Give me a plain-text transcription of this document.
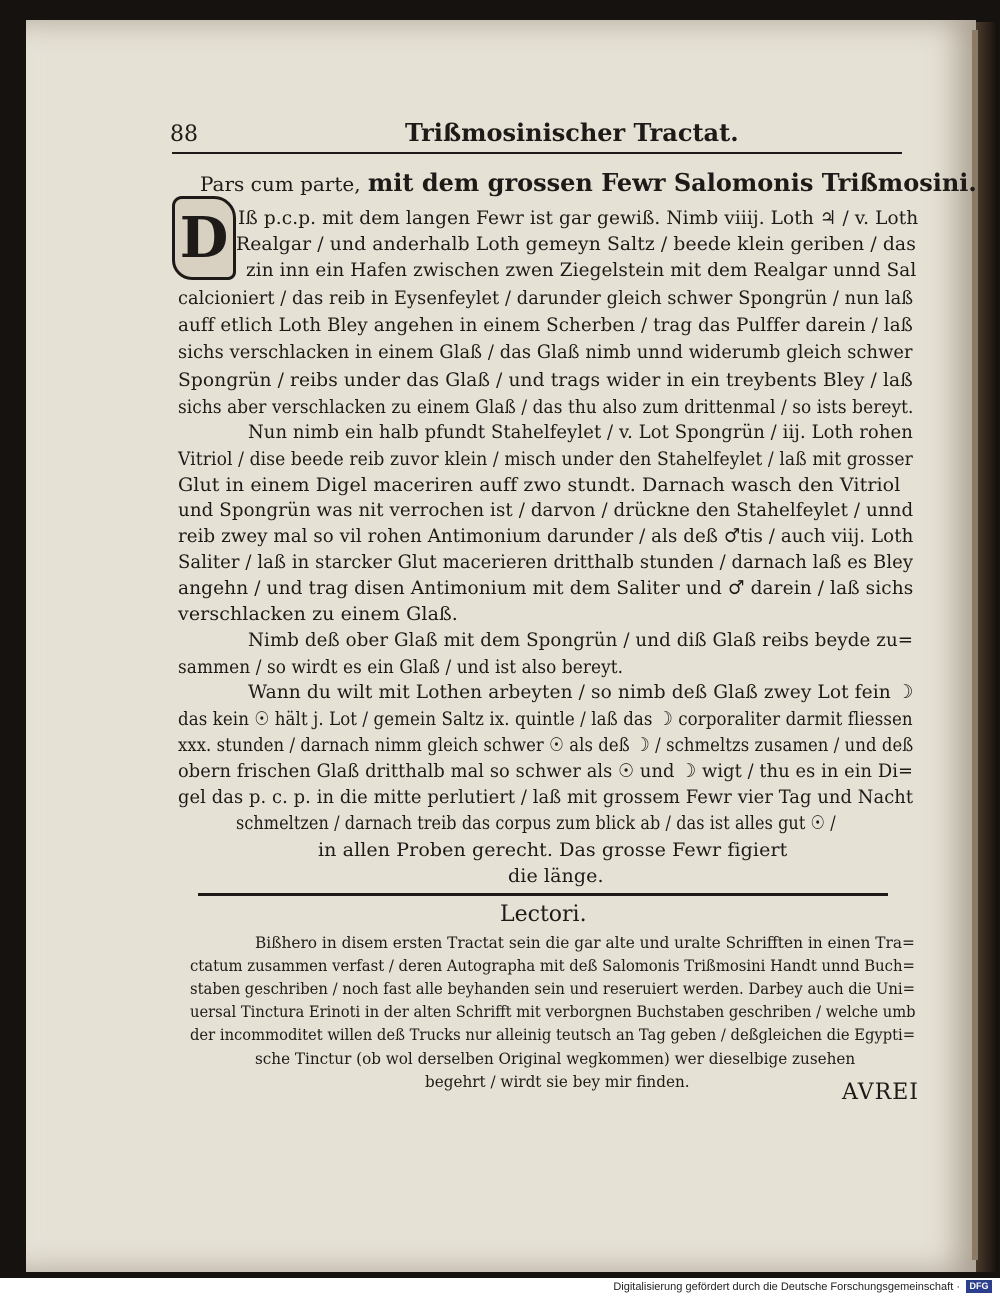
88	Trißmosinischer Tractat.
Pars cum parte, mit dem grossen Fewr Salomonis Trißmosini.
D Iß p.c.p. mit dem langen Fewr ist gar gewiß. Nimb viiij. Loth ♃ / v. Loth
Realgar / und anderhalb Loth gemeyn Saltz / beede klein geriben / das
zin inn ein Hafen zwischen zwen Ziegelstein mit dem Realgar unnd Sal
calcioniert / das reib in Eysenfeylet / darunder gleich schwer Spongrün / nun laß
auff etlich Loth Bley angehen in einem Scherben / trag das Pulffer darein / laß
sichs verschlacken in einem Glaß / das Glaß nimb unnd widerumb gleich schwer
Spongrün / reibs under das Glaß / und trags wider in ein treybents Bley / laß
sichs aber verschlacken zu einem Glaß / das thu also zum drittenmal / so ists bereyt.
Nun nimb ein halb pfundt Stahelfeylet / v. Lot Spongrün / iij. Loth rohen
Vitriol / dise beede reib zuvor klein / misch under den Stahelfeylet / laß mit grosser
Glut in einem Digel maceriren auff zwo stundt. Darnach wasch den Vitriol
und Spongrün was nit verrochen ist / darvon / drückne den Stahelfeylet / unnd
reib zwey mal so vil rohen Antimonium darunder / als deß ♂tis / auch viij. Loth
Saliter / laß in starcker Glut macerieren dritthalb stunden / darnach laß es Bley
angehn / und trag disen Antimonium mit dem Saliter und ♂ darein / laß sichs
verschlacken zu einem Glaß.
Nimb deß ober Glaß mit dem Spongrün / und diß Glaß reibs beyde zu=
sammen / so wirdt es ein Glaß / und ist also bereyt.
Wann du wilt mit Lothen arbeyten / so nimb deß Glaß zwey Lot fein ☽
das kein ☉ hält j. Lot / gemein Saltz ix. quintle / laß das ☽ corporaliter darmit fliessen
xxx. stunden / darnach nimm gleich schwer ☉ als deß ☽ / schmeltzs zusamen / und deß
obern frischen Glaß dritthalb mal so schwer als ☉ und ☽ wigt / thu es in ein Di=
gel das p. c. p. in die mitte perlutiert / laß mit grossem Fewr vier Tag und Nacht
schmeltzen / darnach treib das corpus zum blick ab / das ist alles gut ☉ /
in allen Proben gerecht. Das grosse Fewr figiert
die länge.
Lectori.
Bißhero in disem ersten Tractat sein die gar alte und uralte Schrifften in einen Tra=
ctatum zusammen verfast / deren Autographa mit deß Salomonis Trißmosini Handt unnd Buch=
staben geschriben / noch fast alle beyhanden sein und reseruiert werden. Darbey auch die Uni=
uersal Tinctura Erinoti in der alten Schrifft mit verborgnen Buchstaben geschriben / welche umb
der incommoditet willen deß Trucks nur alleinig teutsch an Tag geben / deßgleichen die Egypti=
sche Tinctur (ob wol derselben Original wegkommen) wer dieselbige zusehen
begehrt / wirdt sie bey mir finden.	AVREI
Digitalisierung gefördert durch die Deutsche Forschungsgemeinschaft ·	DFG
